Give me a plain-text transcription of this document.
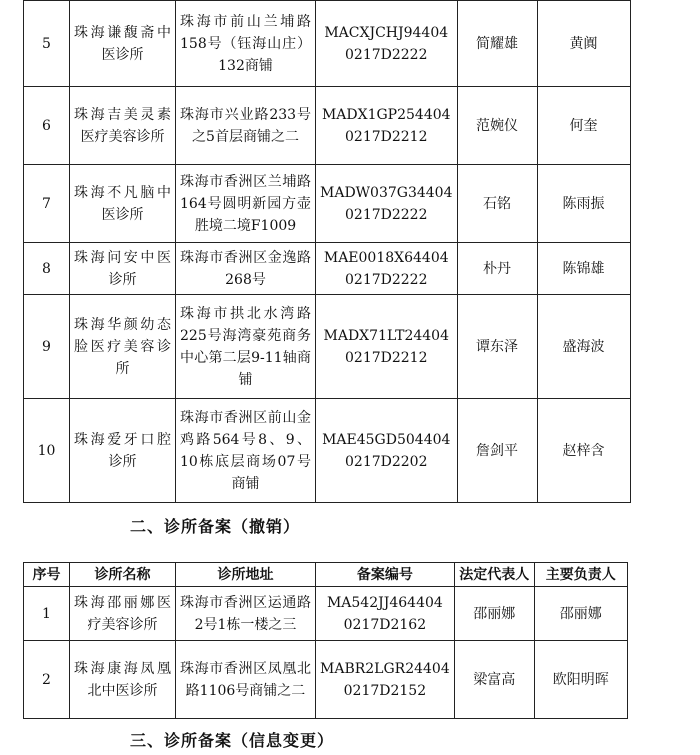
5	珠海谦馥斋中医诊所	珠海市前山兰埔路158号（钰海山庄）132商铺	MACXJCHJ944040217D2222	简耀雄	黄阗
6	珠海吉美灵素医疗美容诊所	珠海市兴业路233号之5首层商铺之二	MADX1GP254404 0217D2212	范婉仪	何奎
7	珠海不凡脑中医诊所	珠海市香洲区兰埔路164号圆明新园方壶胜境二境F1009	MADW037G34404 0217D2222	石铭	陈雨振
8	珠海问安中医诊所	珠海市香洲区金逸路268号	MAE0018X64404 0217D2222	朴丹	陈锦雄
9	珠海华颜幼态脸医疗美容诊所	珠海市拱北水湾路225号海湾豪苑商务中心第二层9-11轴商铺	MADX71LT24404 0217D2212	谭东泽	盛海波
10	珠海爱牙口腔诊所	珠海市香洲区前山金鸡路564号8、9、10栋底层商场07号商铺	MAE45GD504404 0217D2202	詹剑平	赵梓含
二、诊所备案（撤销）
序号	诊所名称	诊所地址	备案编号	法定代表人	主要负责人
1	珠海邵丽娜医疗美容诊所	珠海市香洲区运通路2号1栋一楼之三	MA542JJ464404 0217D2162	邵丽娜	邵丽娜
2	珠海康海凤凰北中医诊所	珠海市香洲区凤凰北路1106号商铺之二	MABR2LGR24404 0217D2152	梁富高	欧阳明晖
三、诊所备案（信息变更）
